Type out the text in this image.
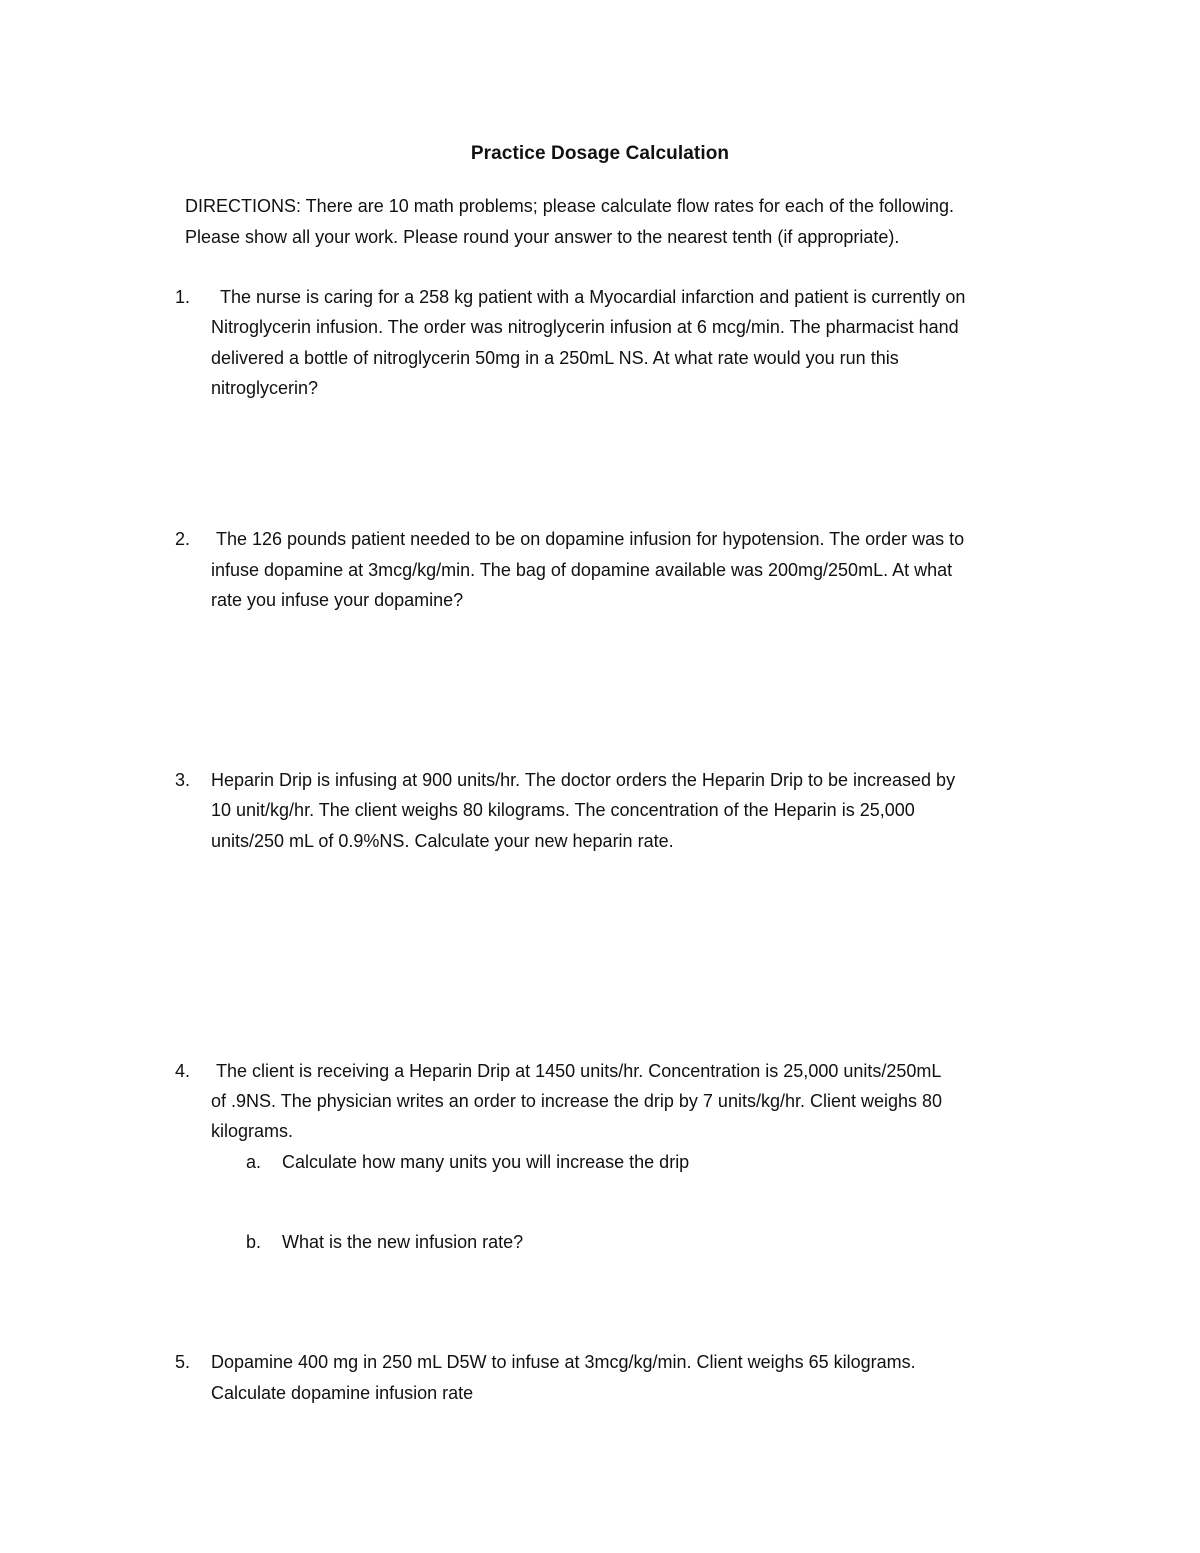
Practice Dosage Calculation
DIRECTIONS: There are 10 math problems; please calculate flow rates for each of the following.
Please show all your work. Please round your answer to the nearest tenth (if appropriate).
1. The nurse is caring for a 258 kg patient with a Myocardial infarction and patient is currently on
Nitroglycerin infusion. The order was nitroglycerin infusion at 6 mcg/min. The pharmacist hand
delivered a bottle of nitroglycerin 50mg in a 250mL NS. At what rate would you run this
nitroglycerin?
2. The 126 pounds patient needed to be on dopamine infusion for hypotension. The order was to
infuse dopamine at 3mcg/kg/min. The bag of dopamine available was 200mg/250mL. At what
rate you infuse your dopamine?
3. Heparin Drip is infusing at 900 units/hr. The doctor orders the Heparin Drip to be increased by
10 unit/kg/hr. The client weighs 80 kilograms. The concentration of the Heparin is 25,000
units/250 mL of 0.9%NS. Calculate your new heparin rate.
4. The client is receiving a Heparin Drip at 1450 units/hr. Concentration is 25,000 units/250mL
of .9NS. The physician writes an order to increase the drip by 7 units/kg/hr. Client weighs 80
kilograms.
a. Calculate how many units you will increase the drip
b. What is the new infusion rate?
5. Dopamine 400 mg in 250 mL D5W to infuse at 3mcg/kg/min. Client weighs 65 kilograms.
Calculate dopamine infusion rate
